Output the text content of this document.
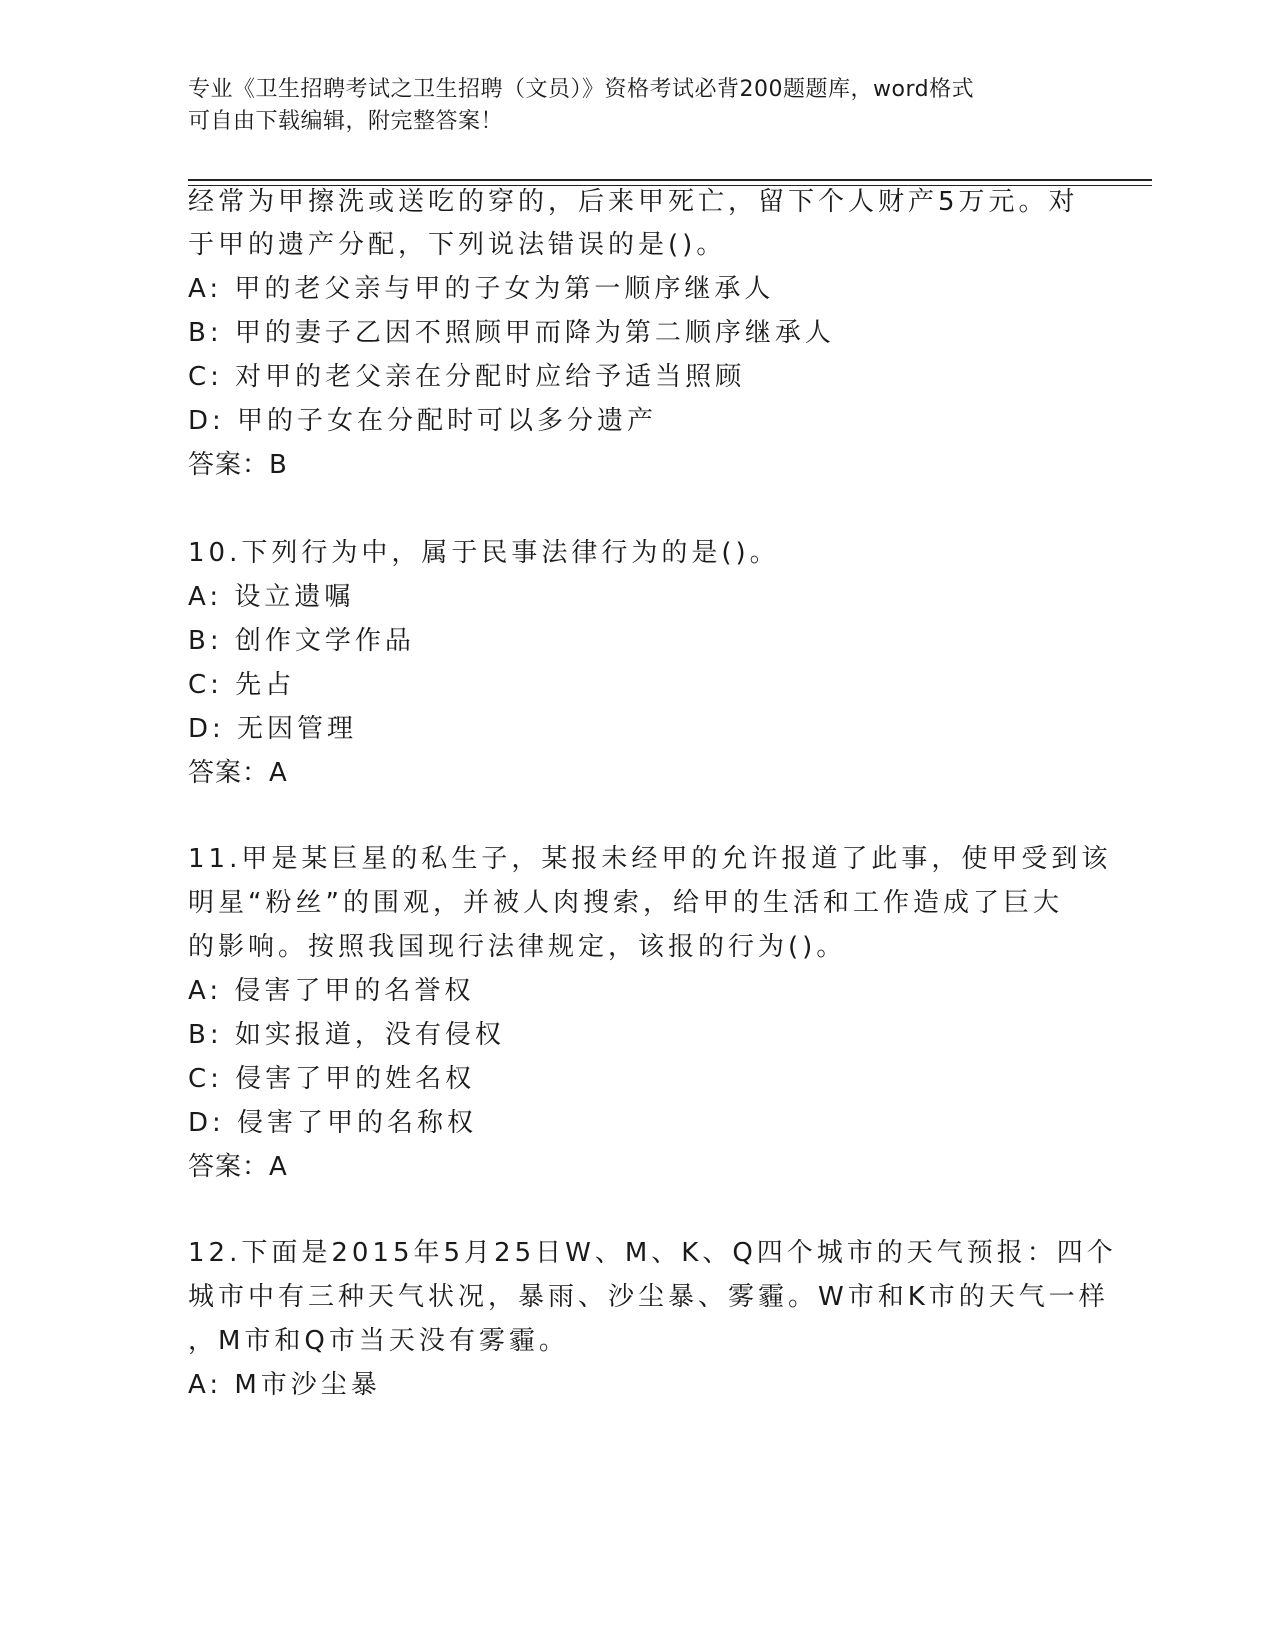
专业《卫生招聘考试之卫生招聘（文员）》资格考试必背200题题库，word格式
可自由下载编辑，附完整答案！
经常为甲擦洗或送吃的穿的，后来甲死亡，留下个人财产5万元。对
于甲的遗产分配，下列说法错误的是()。
A: 甲的老父亲与甲的子女为第一顺序继承人
B: 甲的妻子乙因不照顾甲而降为第二顺序继承人
C: 对甲的老父亲在分配时应给予适当照顾
D: 甲的子女在分配时可以多分遗产
答案：B
10.下列行为中，属于民事法律行为的是()。
A: 设立遗嘱
B: 创作文学作品
C: 先占
D: 无因管理
答案：A
11.甲是某巨星的私生子，某报未经甲的允许报道了此事，使甲受到该
明星“粉丝”的围观，并被人肉搜索，给甲的生活和工作造成了巨大
的影响。按照我国现行法律规定，该报的行为()。
A: 侵害了甲的名誉权
B: 如实报道，没有侵权
C: 侵害了甲的姓名权
D: 侵害了甲的名称权
答案：A
12.下面是2015年5月25日W、M、K、Q四个城市的天气预报：四个
城市中有三种天气状况，暴雨、沙尘暴、雾霾。W市和K市的天气一样
，M市和Q市当天没有雾霾。
A: M市沙尘暴
